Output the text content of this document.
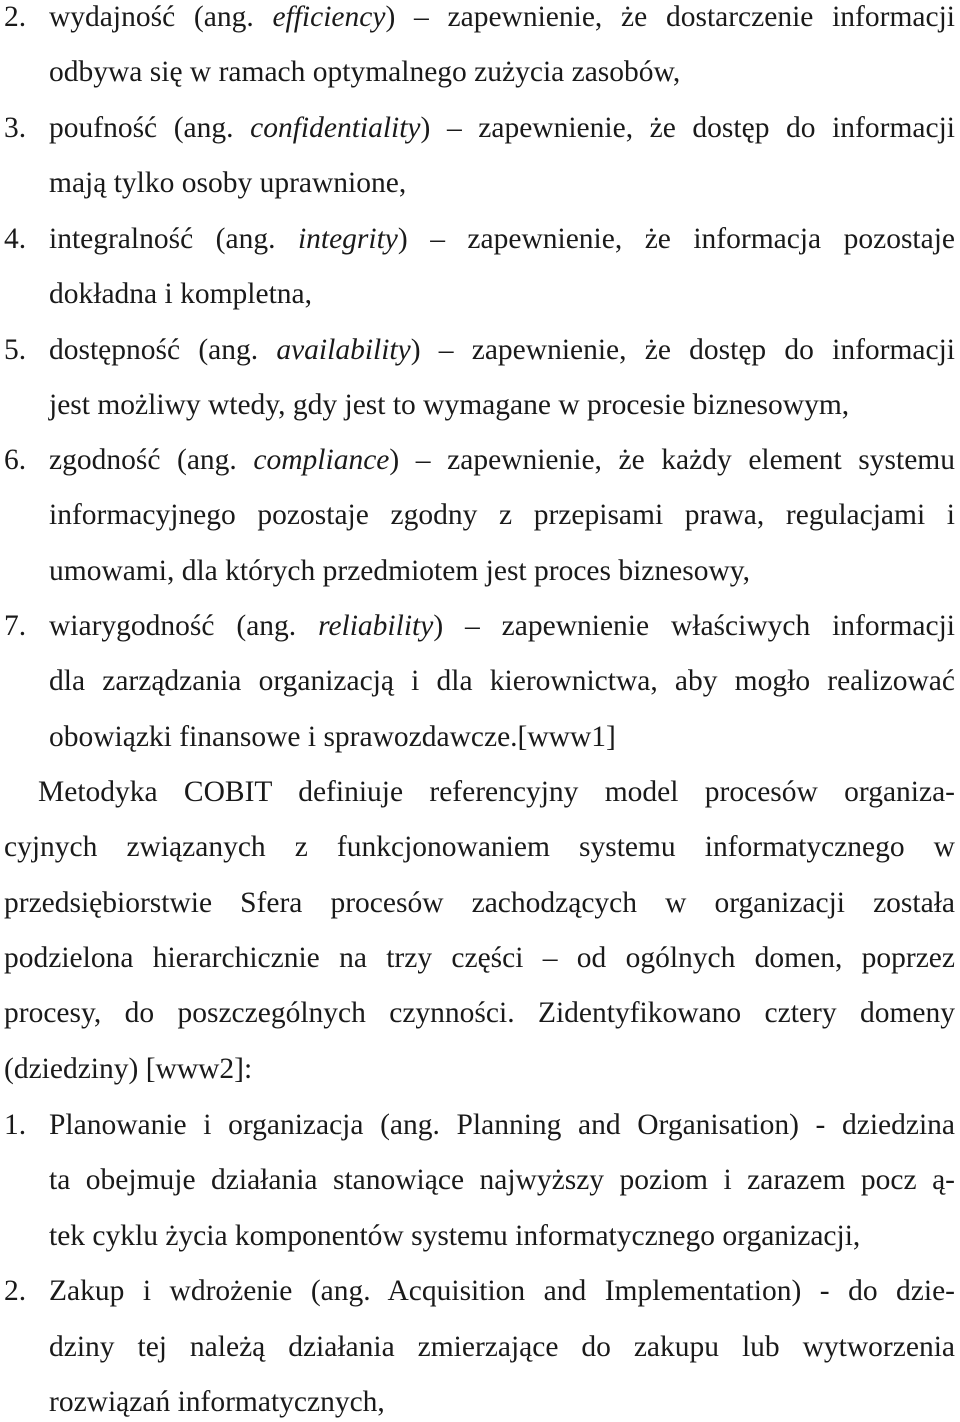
2. wydajność (ang. efficiency) – zapewnienie, że dostarczenie informacji
odbywa się w ramach optymalnego zużycia zasobów,
3. poufność (ang. confidentiality) – zapewnienie, że dostęp do informacji
mają tylko osoby uprawnione,
4. integralność (ang. integrity) – zapewnienie, że informacja pozostaje
dokładna i kompletna,
5. dostępność (ang. availability) – zapewnienie, że dostęp do informacji
jest możliwy wtedy, gdy jest to wymagane w procesie biznesowym,
6. zgodność (ang. compliance) – zapewnienie, że każdy element systemu
informacyjnego pozostaje zgodny z przepisami prawa, regulacjami i
umowami, dla których przedmiotem jest proces biznesowy,
7. wiarygodność (ang. reliability) – zapewnienie właściwych informacji
dla zarządzania organizacją i dla kierownictwa, aby mogło realizować
obowiązki finansowe i sprawozdawcze.[www1]
Metodyka COBIT definiuje referencyjny model procesów organiza-
cyjnych związanych z funkcjonowaniem systemu informatycznego w
przedsiębiorstwie Sfera procesów zachodzących w organizacji została
podzielona hierarchicznie na trzy części – od ogólnych domen, poprzez
procesy, do poszczególnych czynności. Zidentyfikowano cztery domeny
(dziedziny) [www2]:
1. Planowanie i organizacja (ang. Planning and Organisation) - dziedzina
ta obejmuje działania stanowiące najwyższy poziom i zarazem pocz ą-
tek cyklu życia komponentów systemu informatycznego organizacji,
2. Zakup i wdrożenie (ang. Acquisition and Implementation) - do dzie-
dziny tej należą działania zmierzające do zakupu lub wytworzenia
rozwiązań informatycznych,
